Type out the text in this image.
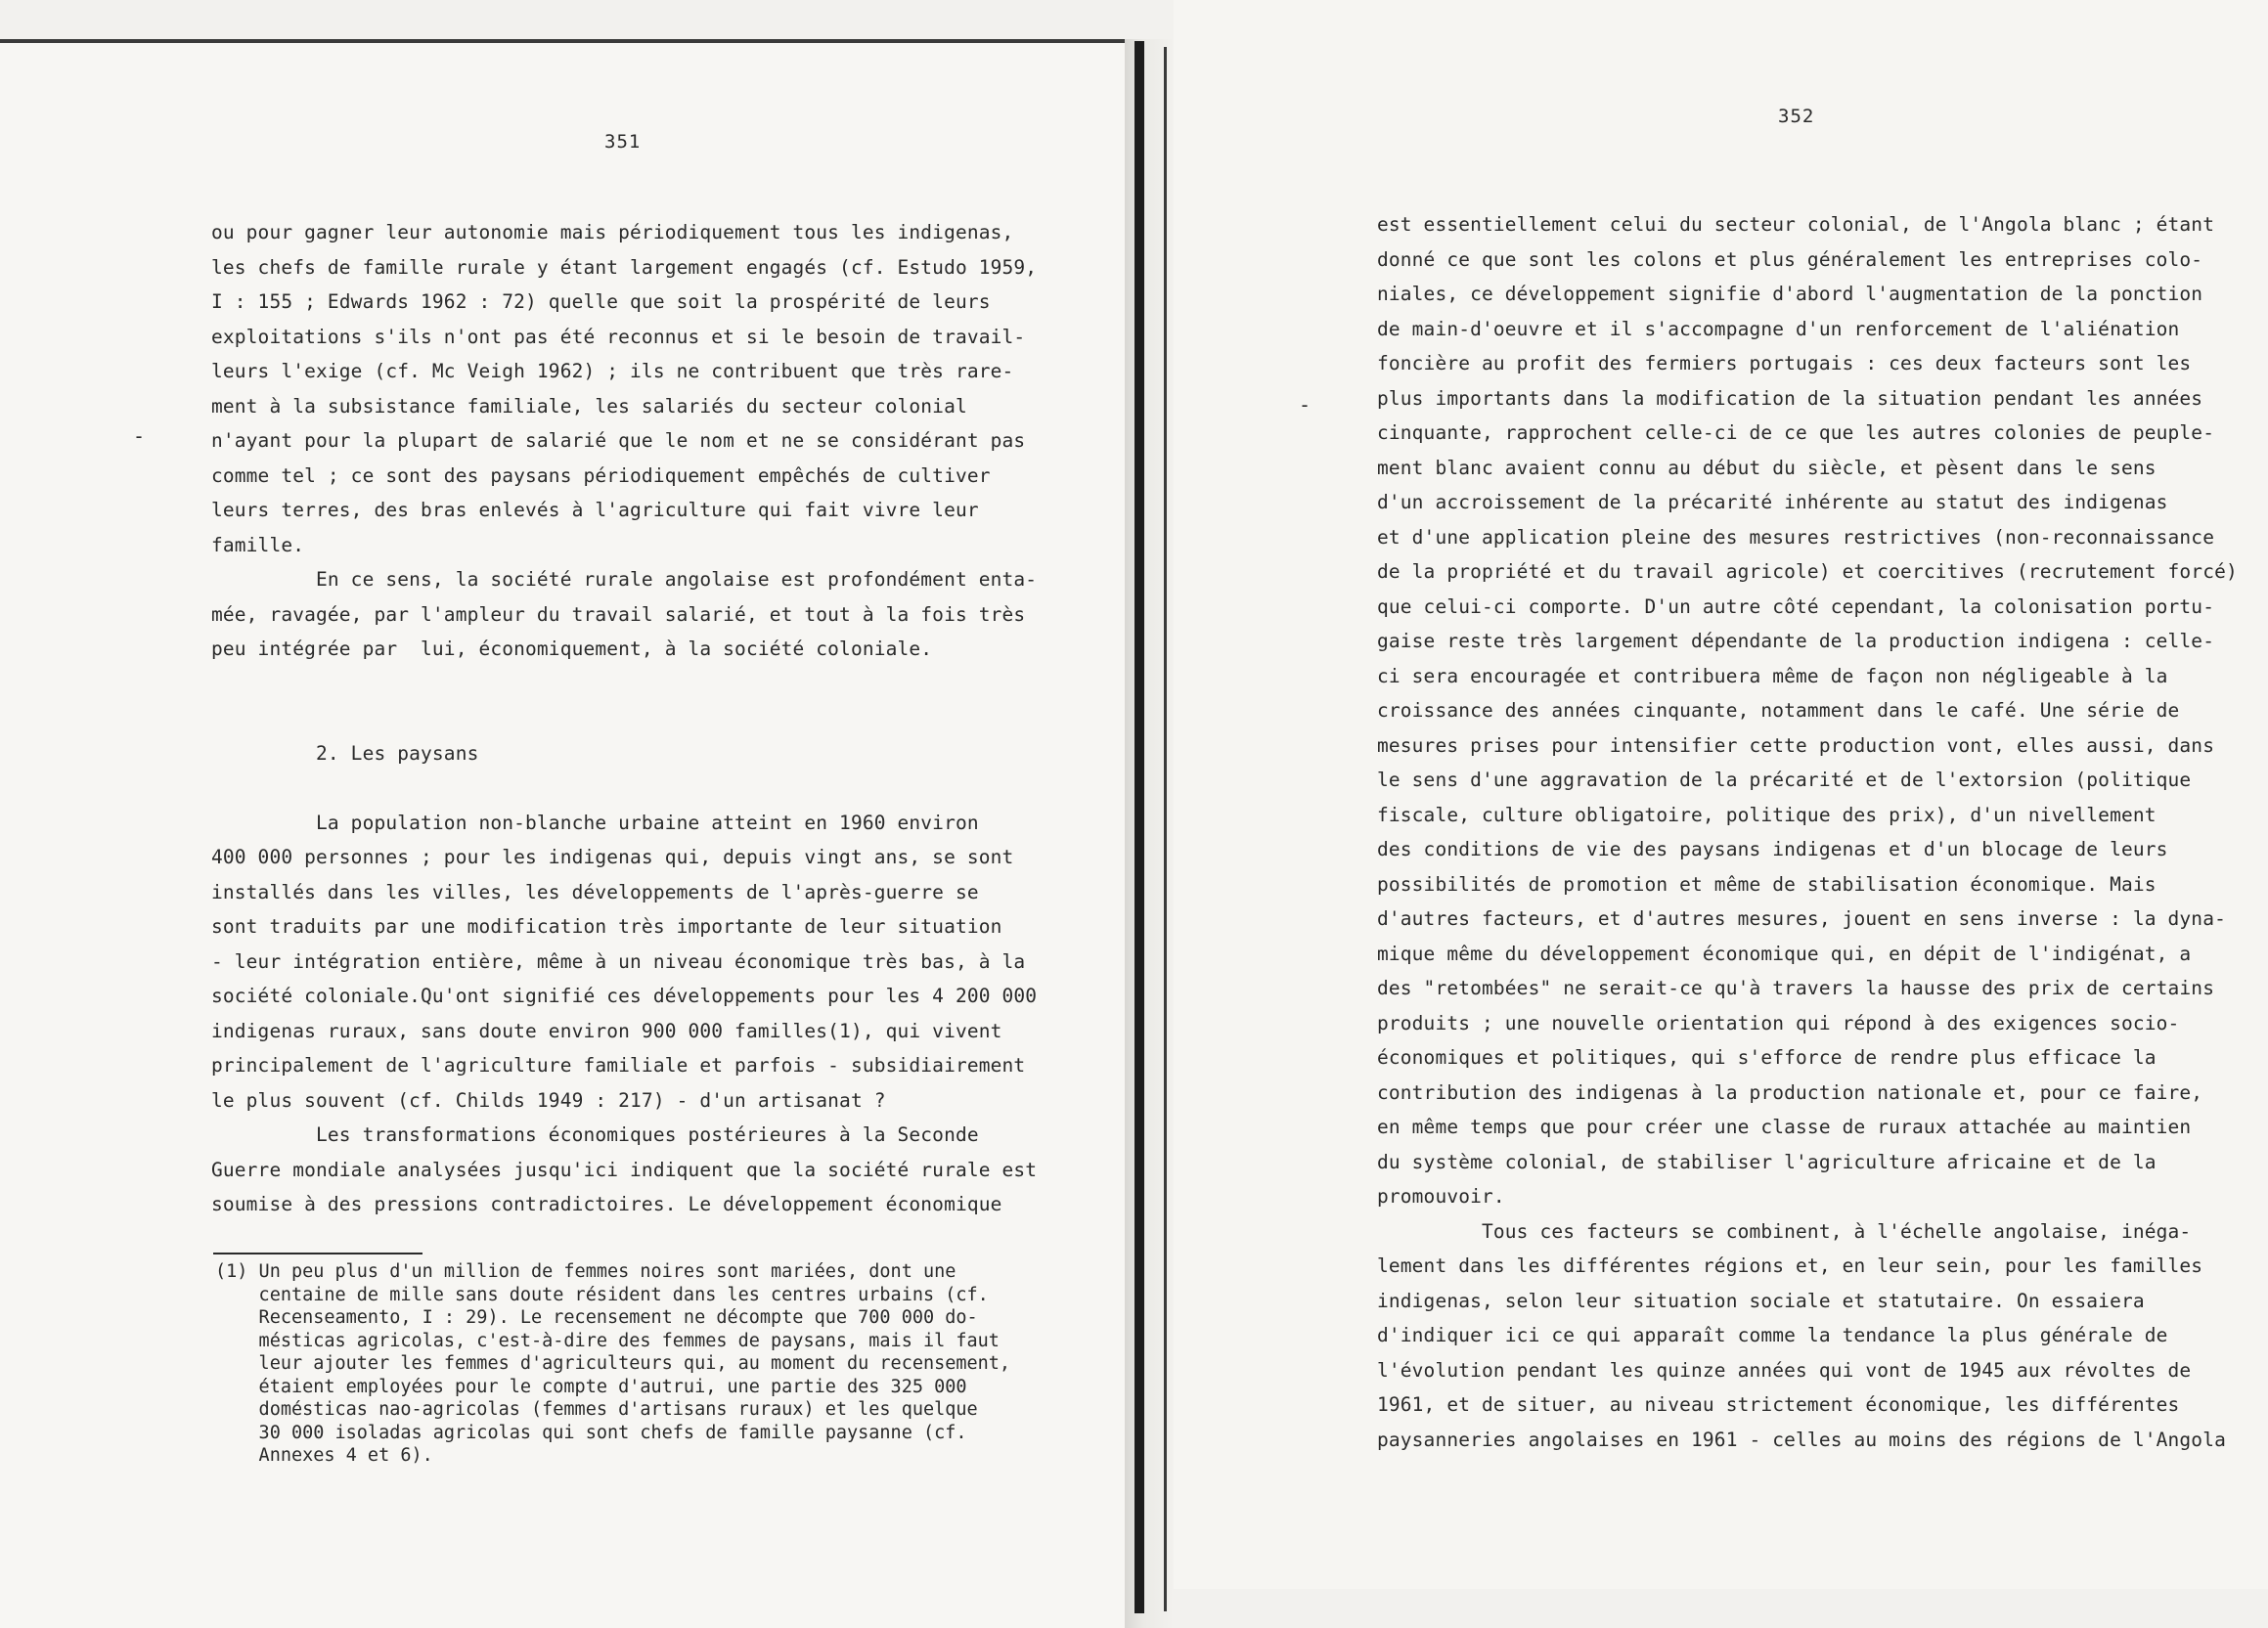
351
-
ou pour gagner leur autonomie mais périodiquement tous les indigenas,
les chefs de famille rurale y étant largement engagés (cf. Estudo 1959,
I : 155 ; Edwards 1962 : 72) quelle que soit la prospérité de leurs
exploitations s'ils n'ont pas été reconnus et si le besoin de travail-
leurs l'exige (cf. Mc Veigh 1962) ; ils ne contribuent que très rare-
ment à la subsistance familiale, les salariés du secteur colonial
n'ayant pour la plupart de salarié que le nom et ne se considérant pas
comme tel ; ce sont des paysans périodiquement empêchés de cultiver
leurs terres, des bras enlevés à l'agriculture qui fait vivre leur
famille.
En ce sens, la société rurale angolaise est profondément enta-
mée, ravagée, par l'ampleur du travail salarié, et tout à la fois très
peu intégrée par  lui, économiquement, à la société coloniale.
2. Les paysans
La population non-blanche urbaine atteint en 1960 environ
400 000 personnes ; pour les indigenas qui, depuis vingt ans, se sont
installés dans les villes, les développements de l'après-guerre se
sont traduits par une modification très importante de leur situation
- leur intégration entière, même à un niveau économique très bas, à la
société coloniale.Qu'ont signifié ces développements pour les 4 200 000
indigenas ruraux, sans doute environ 900 000 familles(1), qui vivent
principalement de l'agriculture familiale et parfois - subsidiairement
le plus souvent (cf. Childs 1949 : 217) - d'un artisanat ?
Les transformations économiques postérieures à la Seconde
Guerre mondiale analysées jusqu'ici indiquent que la société rurale est
soumise à des pressions contradictoires. Le développement économique
(1) Un peu plus d'un million de femmes noires sont mariées, dont une
centaine de mille sans doute résident dans les centres urbains (cf.
Recenseamento, I : 29). Le recensement ne décompte que 700 000 do-
mésticas agricolas, c'est-à-dire des femmes de paysans, mais il faut
leur ajouter les femmes d'agriculteurs qui, au moment du recensement,
étaient employées pour le compte d'autrui, une partie des 325 000
domésticas nao-agricolas (femmes d'artisans ruraux) et les quelque
30 000 isoladas agricolas qui sont chefs de famille paysanne (cf.
Annexes 4 et 6).
352
-
est essentiellement celui du secteur colonial, de l'Angola blanc ; étant
donné ce que sont les colons et plus généralement les entreprises colo-
niales, ce développement signifie d'abord l'augmentation de la ponction
de main-d'oeuvre et il s'accompagne d'un renforcement de l'aliénation
foncière au profit des fermiers portugais : ces deux facteurs sont les
plus importants dans la modification de la situation pendant les années
cinquante, rapprochent celle-ci de ce que les autres colonies de peuple-
ment blanc avaient connu au début du siècle, et pèsent dans le sens
d'un accroissement de la précarité inhérente au statut des indigenas
et d'une application pleine des mesures restrictives (non-reconnaissance
de la propriété et du travail agricole) et coercitives (recrutement forcé)
que celui-ci comporte. D'un autre côté cependant, la colonisation portu-
gaise reste très largement dépendante de la production indigena : celle-
ci sera encouragée et contribuera même de façon non négligeable à la
croissance des années cinquante, notamment dans le café. Une série de
mesures prises pour intensifier cette production vont, elles aussi, dans
le sens d'une aggravation de la précarité et de l'extorsion (politique
fiscale, culture obligatoire, politique des prix), d'un nivellement
des conditions de vie des paysans indigenas et d'un blocage de leurs
possibilités de promotion et même de stabilisation économique. Mais
d'autres facteurs, et d'autres mesures, jouent en sens inverse : la dyna-
mique même du développement économique qui, en dépit de l'indigénat, a
des "retombées" ne serait-ce qu'à travers la hausse des prix de certains
produits ; une nouvelle orientation qui répond à des exigences socio-
économiques et politiques, qui s'efforce de rendre plus efficace la
contribution des indigenas à la production nationale et, pour ce faire,
en même temps que pour créer une classe de ruraux attachée au maintien
du système colonial, de stabiliser l'agriculture africaine et de la
promouvoir.
Tous ces facteurs se combinent, à l'échelle angolaise, inéga-
lement dans les différentes régions et, en leur sein, pour les familles
indigenas, selon leur situation sociale et statutaire. On essaiera
d'indiquer ici ce qui apparaît comme la tendance la plus générale de
l'évolution pendant les quinze années qui vont de 1945 aux révoltes de
1961, et de situer, au niveau strictement économique, les différentes
paysanneries angolaises en 1961 - celles au moins des régions de l'Angola
